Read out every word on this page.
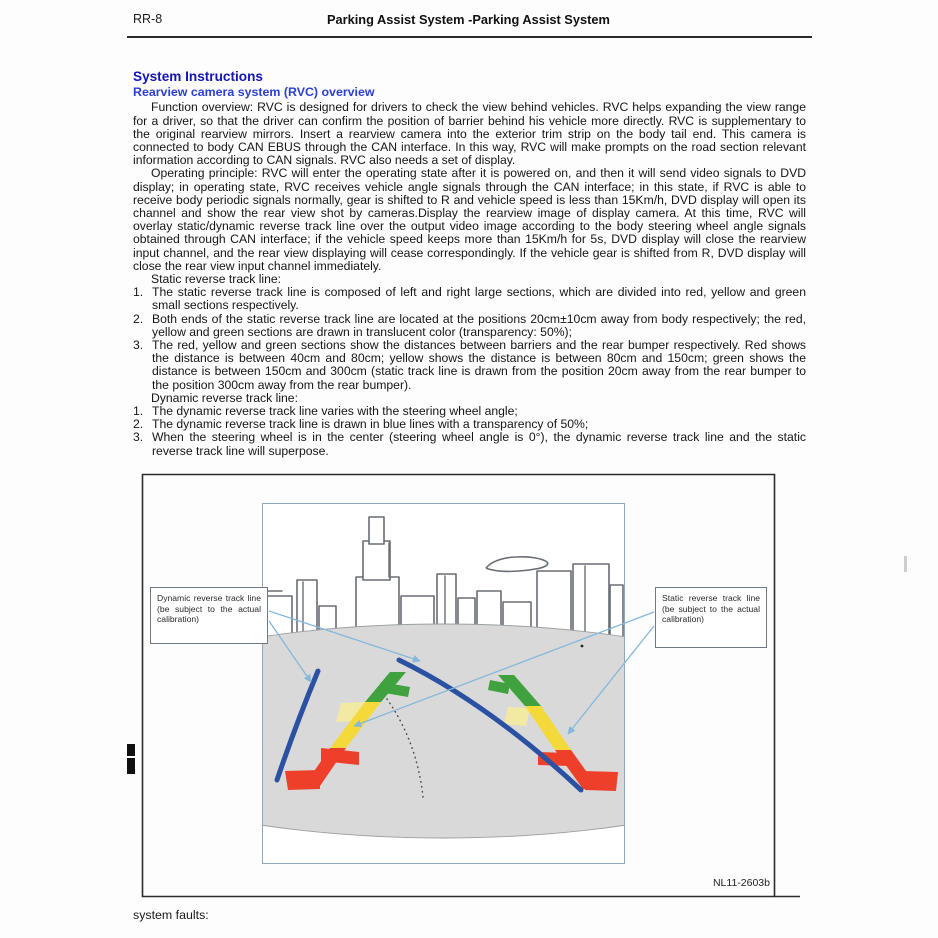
RR-8	Parking Assist System -Parking Assist System
System Instructions
Rearview camera system (RVC) overview

Function overview: RVC is designed for drivers to check the view behind vehicles. RVC helps expanding the view range for a driver, so that the driver can confirm the position of barrier behind his vehicle more directly. RVC is supplementary to the original rearview mirrors. Insert a rearview camera into the exterior trim strip on the body tail end. This camera is connected to body CAN EBUS through the CAN interface. In this way, RVC will make prompts on the road section relevant information according to CAN signals. RVC also needs a set of display.

Operating principle: RVC will enter the operating state after it is powered on, and then it will send video signals to DVD display; in operating state, RVC receives vehicle angle signals through the CAN interface; in this state, if RVC is able to receive body periodic signals normally, gear is shifted to R and vehicle speed is less than 15Km/h, DVD display will open its channel and show the rear view shot by cameras.Display the rearview image of display camera. At this time, RVC will overlay static/dynamic reverse track line over the output video image according to the body steering wheel angle signals obtained through CAN interface; if the vehicle speed keeps more than 15Km/h for 5s, DVD display will close the rearview input channel, and the rear view displaying will cease correspondingly. If the vehicle gear is shifted from R, DVD display will close the rear view input channel immediately.

Static reverse track line:

1. The static reverse track line is composed of left and right large sections, which are divided into red, yellow and green small sections respectively.
2. Both ends of the static reverse track line are located at the positions 20cm±10cm away from body respectively; the red, yellow and green sections are drawn in translucent color (transparency: 50%);
3. The red, yellow and green sections show the distances between barriers and the rear bumper respectively. Red shows the distance is between 40cm and 80cm; yellow shows the distance is between 80cm and 150cm; green shows the distance is between 150cm and 300cm (static track line is drawn from the position 20cm away from the rear bumper to the position 300cm away from the rear bumper).

Dynamic reverse track line:

1. The dynamic reverse track line varies with the steering wheel angle;
2. The dynamic reverse track line is drawn in blue lines with a transparency of 50%;
3. When the steering wheel is in the center (steering wheel angle is 0°), the dynamic reverse track line and the static reverse track line will superpose.
Dynamic reverse track line (be subject to the actual calibration)
Static reverse track line (be subject to the actual calibration)
NL11-2603b
system faults:
